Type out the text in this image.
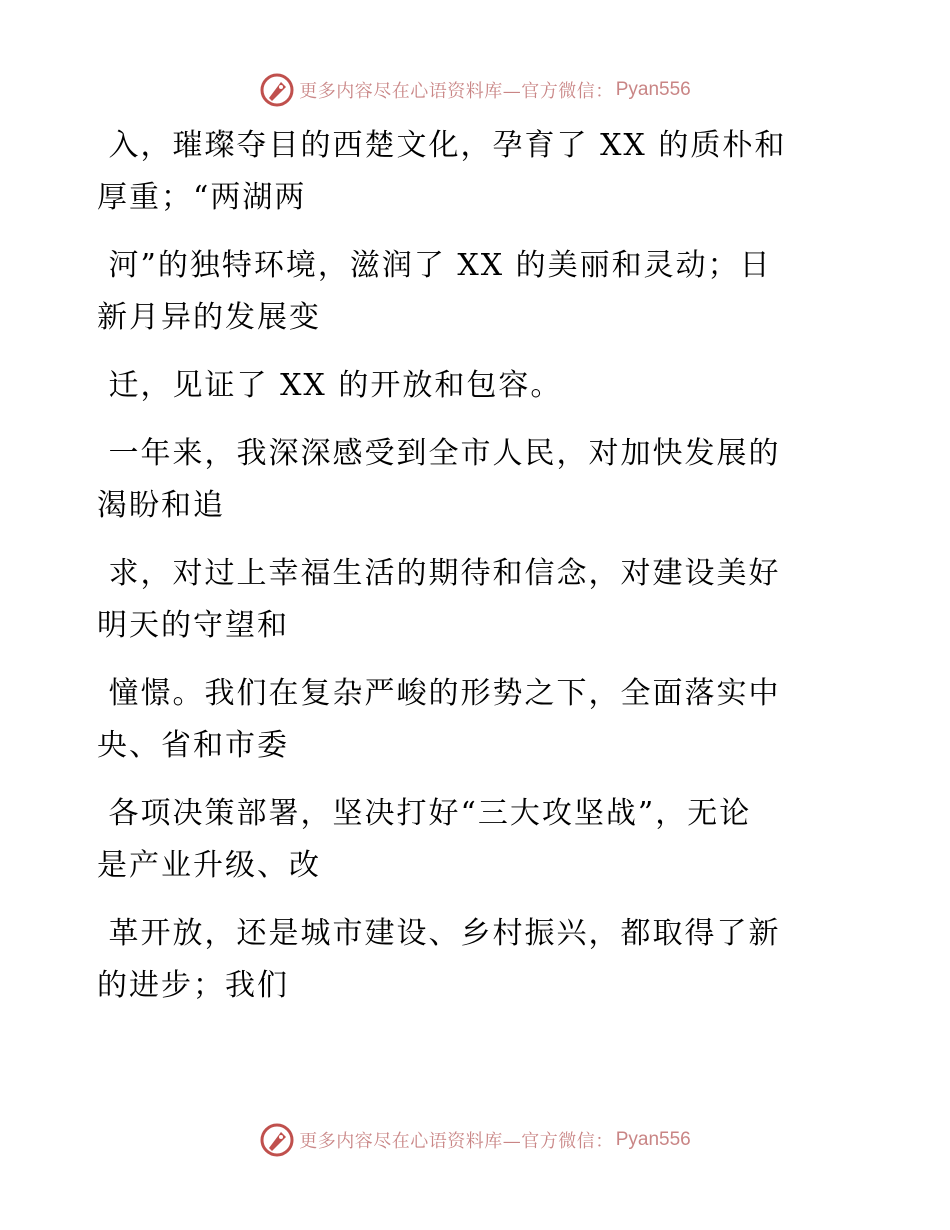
更多内容尽在心语资料库—官方微信： Pyan556

入，璀璨夺目的西楚文化，孕育了 XX 的质朴和

厚重；“两湖两

河”的独特环境，滋润了 XX 的美丽和灵动；日

新月异的发展变

迁，见证了 XX 的开放和包容。

一年来，我深深感受到全市人民，对加快发展的

渴盼和追

求，对过上幸福生活的期待和信念，对建设美好

明天的守望和

憧憬。我们在复杂严峻的形势之下，全面落实中

央、省和市委

各项决策部署，坚决打好“三大攻坚战”，无论

是产业升级、改

革开放，还是城市建设、乡村振兴，都取得了新

的进步；我们

更多内容尽在心语资料库—官方微信： Pyan556
